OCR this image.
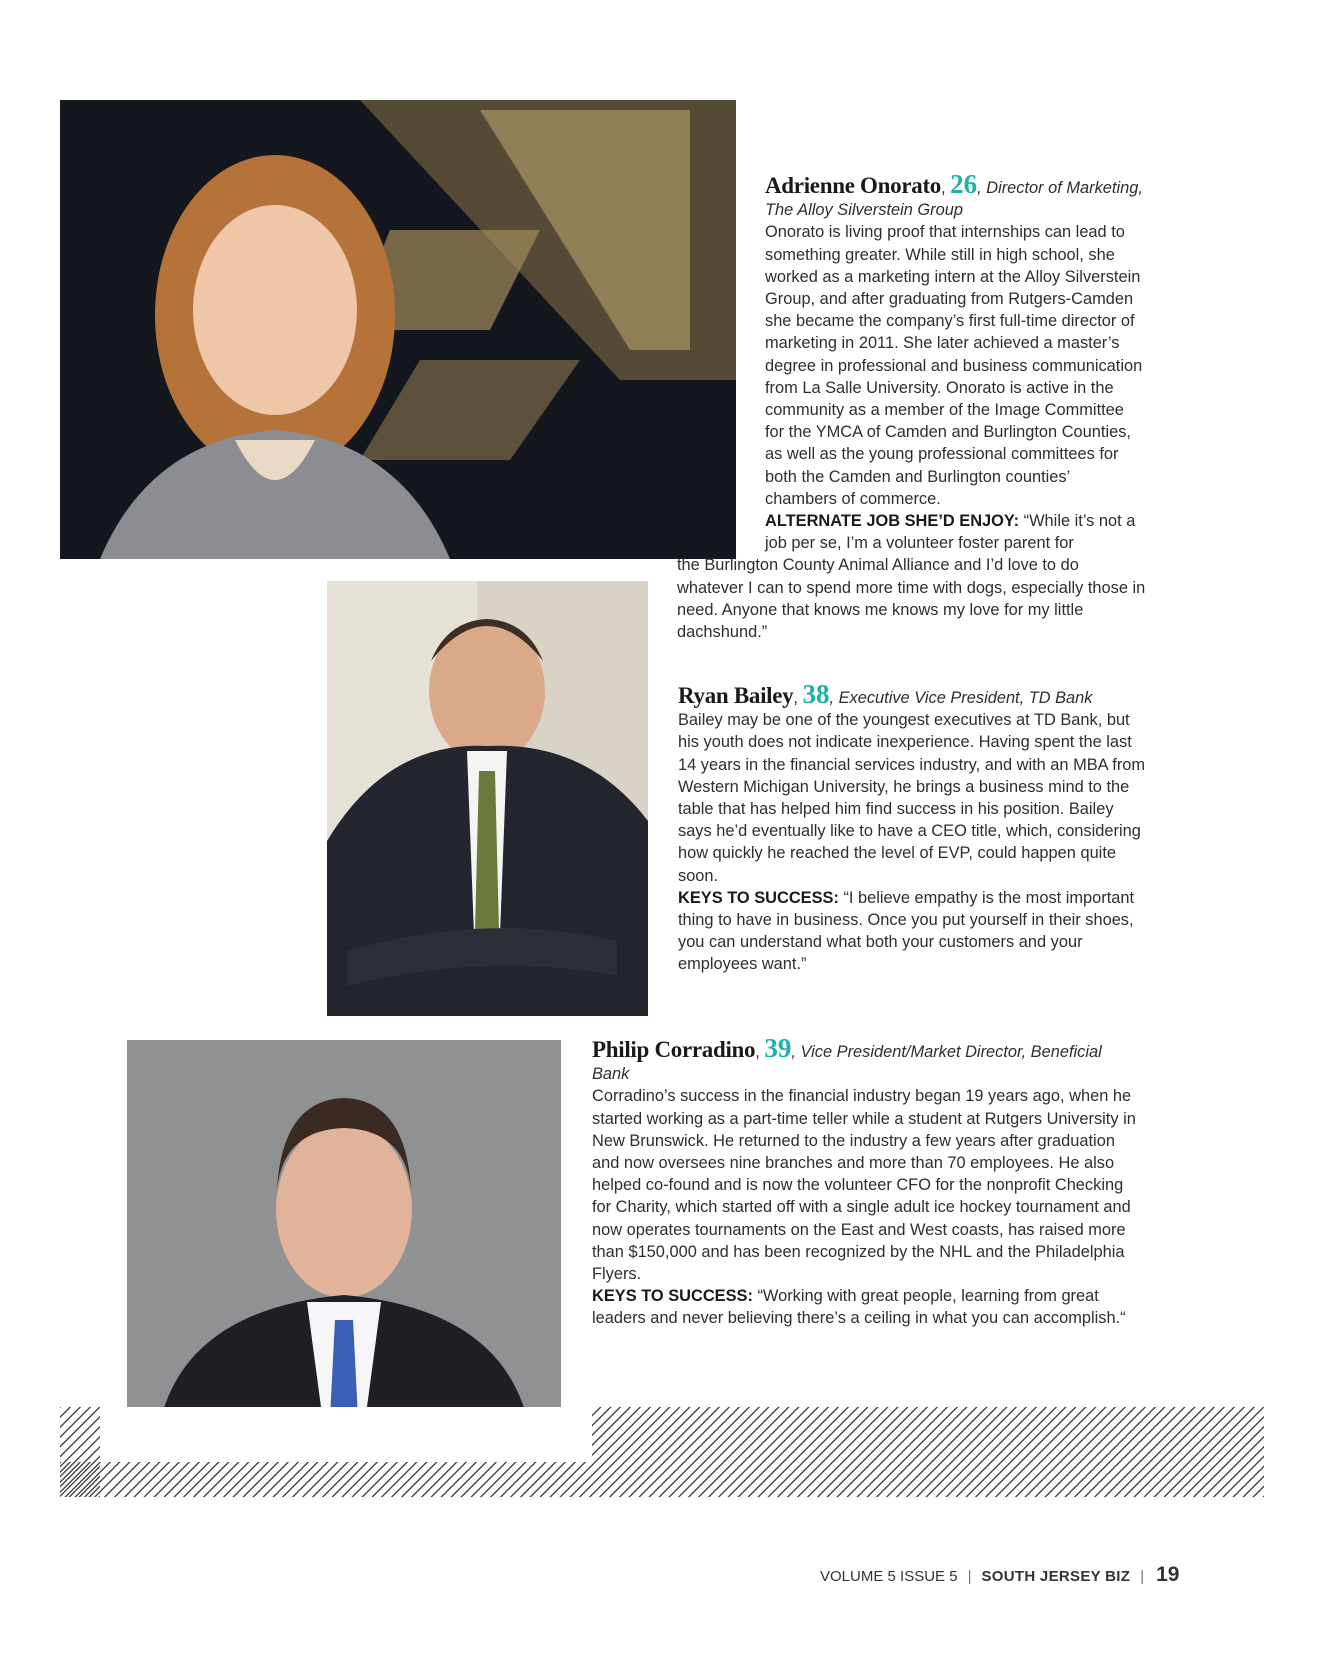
Adrienne Onorato, 26, Director of Marketing, The Alloy Silverstein Group

Onorato is living proof that internships can lead to something greater. While still in high school, she worked as a marketing intern at the Alloy Silverstein Group, and after graduating from Rutgers-Camden she became the company’s first full-time director of marketing in 2011. She later achieved a master’s degree in professional and business communication from La Salle University. Onorato is active in the community as a member of the Image Committee for the YMCA of Camden and Burlington Counties, as well as the young professional committees for both the Camden and Burlington counties’ chambers of commerce.

ALTERNATE JOB SHE’D ENJOY: “While it’s not a job per se, I’m a volunteer foster parent for

the Burlington County Animal Alliance and I’d love to do whatever I can to spend more time with dogs, especially those in need. Anyone that knows me knows my love for my little dachshund.”

Ryan Bailey, 38, Executive Vice President, TD Bank

Bailey may be one of the youngest executives at TD Bank, but his youth does not indicate inexperience. Having spent the last 14 years in the financial services industry, and with an MBA from Western Michigan University, he brings a business mind to the table that has helped him find success in his position. Bailey says he’d eventually like to have a CEO title, which, considering how quickly he reached the level of EVP, could happen quite soon.

KEYS TO SUCCESS: “I believe empathy is the most important thing to have in business. Once you put yourself in their shoes, you can understand what both your customers and your employees want.”

Philip Corradino, 39, Vice President/Market Director, Beneficial Bank

Corradino’s success in the financial industry began 19 years ago, when he started working as a part-time teller while a student at Rutgers University in New Brunswick. He returned to the industry a few years after graduation and now oversees nine branches and more than 70 employees. He also helped co-found and is now the volunteer CFO for the nonprofit Checking for Charity, which started off with a single adult ice hockey tournament and now operates tournaments on the East and West coasts, has raised more than $150,000 and has been recognized by the NHL and the Philadelphia Flyers.

KEYS TO SUCCESS: “Working with great people, learning from great leaders and never believing there’s a ceiling in what you can accomplish.“

VOLUME 5 ISSUE 5 | SOUTH JERSEY BIZ | 19
